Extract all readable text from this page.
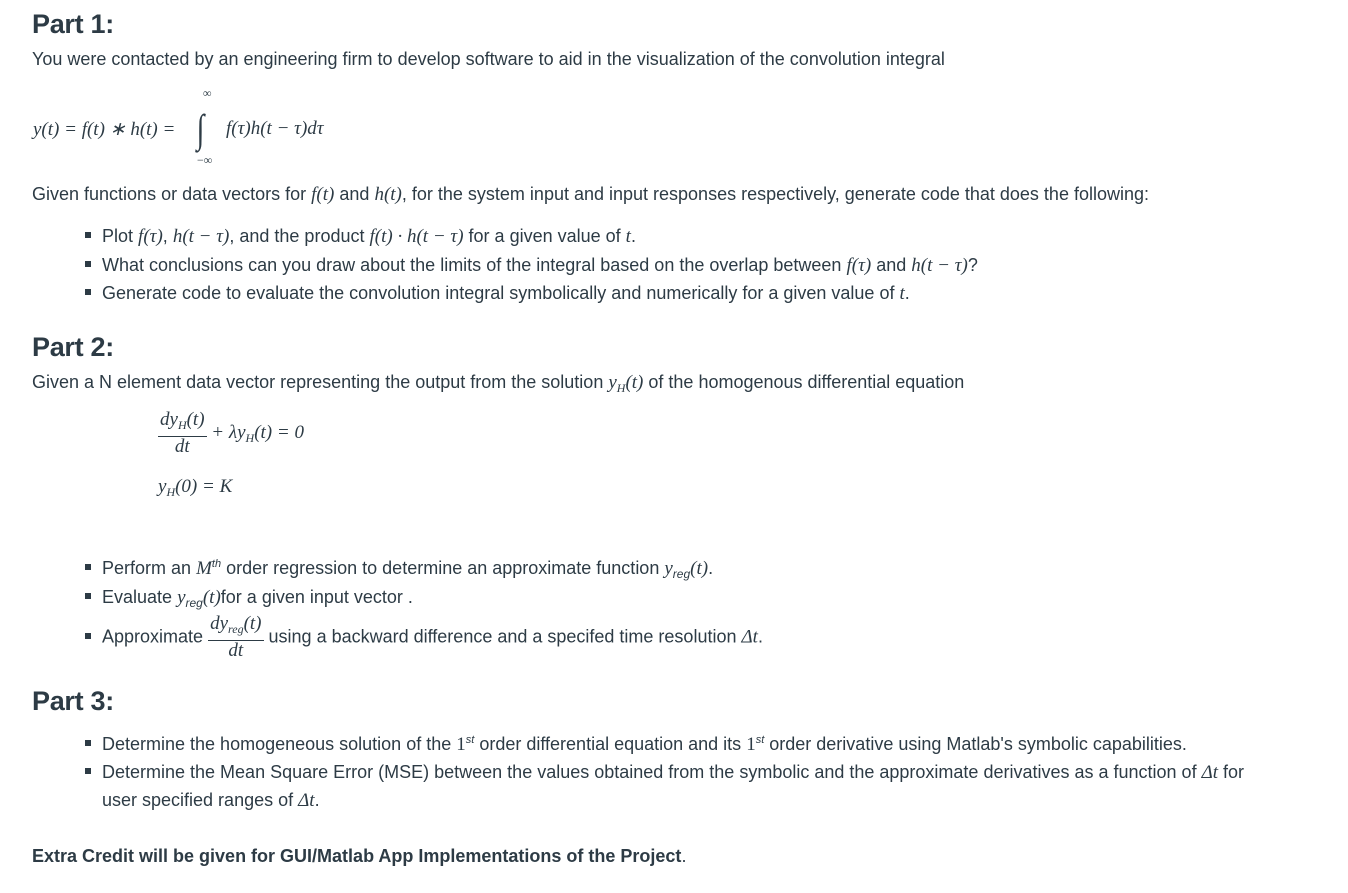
Part 1:
You were contacted by an engineering firm to develop software to aid in the visualization of the convolution integral
y(t) = f(t) ∗ h(t) =
∞
∫
−∞
f(τ)h(t − τ)dτ
Given functions or data vectors for f(t) and h(t), for the system input and input responses respectively, generate code that does the following:
Plot f(τ), h(t − τ), and the product f(t) · h(t − τ) for a given value of t.
What conclusions can you draw about the limits of the integral based on the overlap between f(τ) and h(t − τ)?
Generate code to evaluate the convolution integral symbolically and numerically for a given value of t.
Part 2:
Given a N element data vector representing the output from the solution $y_H(t)$ of the homogenous differential equation
$\frac{dy_H(t)}{dt} + \lambda y_H(t) = 0$
$y_H(0) = K$
Perform an Mth order regression to determine an approximate function $y_{reg}(t)$.
Evaluate $y_{reg}(t)for$ a given input vector .
Approximate $\frac{dy_{reg}(t)}{dt}$ using a backward difference and a specifed time resolution Δt.
Part 3:
Determine the homogeneous solution of the 1st order differential equation and its 1st order derivative using Matlab's symbolic capabilities.
Determine the Mean Square Error (MSE) between the values obtained from the symbolic and the approximate derivatives as a function of Δt for
user specified ranges of Δt.
Extra Credit will be given for GUI/Matlab App Implementations of the Project.
